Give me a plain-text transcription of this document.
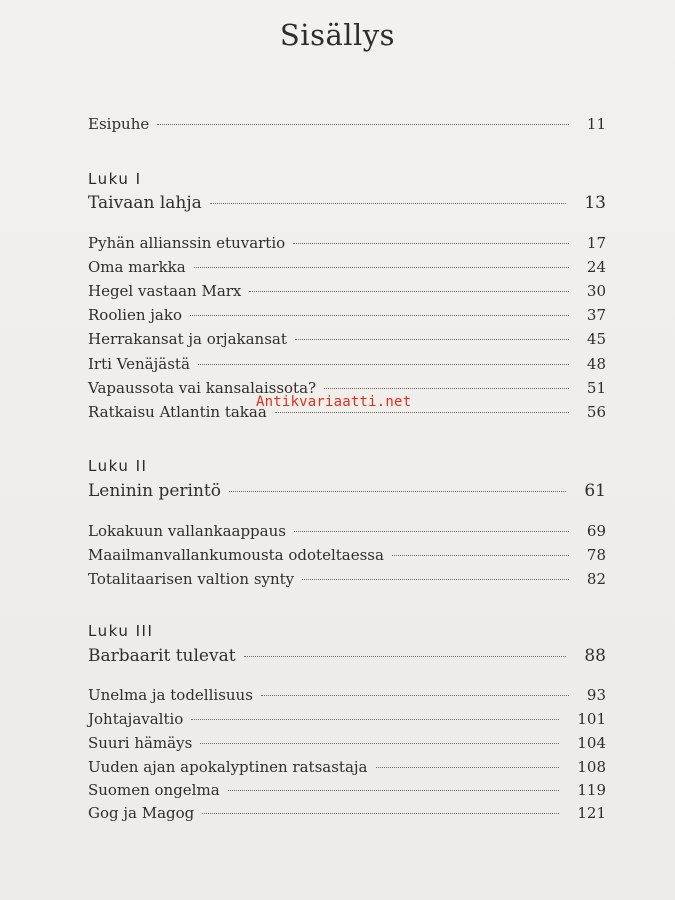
Sisällys
Esipuhe	11
Luku I
Taivaan lahja	13
Pyhän allianssin etuvartio	17
Oma markka	24
Hegel vastaan Marx	30
Roolien jako	37
Herrakansat ja orjakansat	45
Irti Venäjästä	48
Vapaussota vai kansalaissota?	51
Ratkaisu Atlantin takaa	56
Luku II
Leninin perintö	61
Lokakuun vallankaappaus	69
Maailmanvallankumousta odoteltaessa	78
Totalitaarisen valtion synty	82
Luku III
Barbaarit tulevat	88
Unelma ja todellisuus	93
Johtajavaltio	101
Suuri hämäys	104
Uuden ajan apokalyptinen ratsastaja	108
Suomen ongelma	119
Gog ja Magog	121
Antikvariaatti.net
